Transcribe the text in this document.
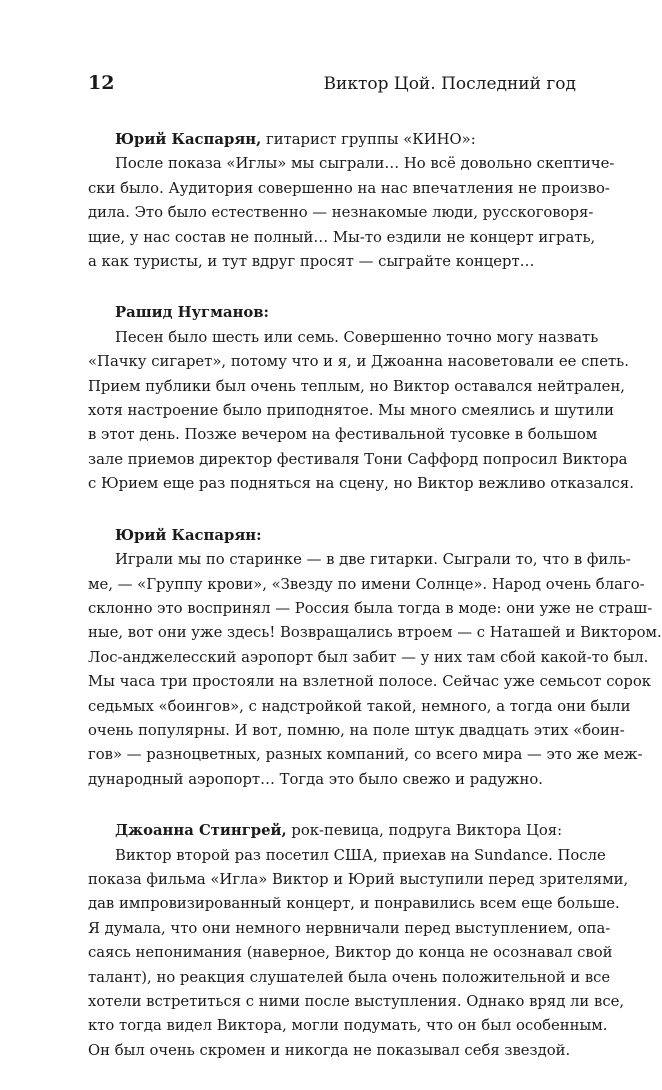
12	Виктор Цой. Последний год
Юрий Каспарян, гитарист группы «КИНО»:
После показа «Иглы» мы сыграли… Но всё довольно скептиче-
ски было. Аудитория совершенно на нас впечатления не произво-
дила. Это было естественно — незнакомые люди, русскоговоря-
щие, у нас состав не полный… Мы-то ездили не концерт играть,
а как туристы, и тут вдруг просят — сыграйте концерт…
Рашид Нугманов:
Песен было шесть или семь. Совершенно точно могу назвать
«Пачку сигарет», потому что и я, и Джоанна насоветовали ее спеть.
Прием публики был очень теплым, но Виктор оставался нейтрален,
хотя настроение было приподнятое. Мы много смеялись и шутили
в этот день. Позже вечером на фестивальной тусовке в большом
зале приемов директор фестиваля Тони Саффорд попросил Виктора
с Юрием еще раз подняться на сцену, но Виктор вежливо отказался.
Юрий Каспарян:
Играли мы по старинке — в две гитарки. Сыграли то, что в филь-
ме, — «Группу крови», «Звезду по имени Солнце». Народ очень благо-
склонно это воспринял — Россия была тогда в моде: они уже не страш-
ные, вот они уже здесь! Возвращались втроем — с Наташей и Виктором.
Лос-анджелесский аэропорт был забит — у них там сбой какой-то был.
Мы часа три простояли на взлетной полосе. Сейчас уже семьсот сорок
седьмых «боингов», с надстройкой такой, немного, а тогда они были
очень популярны. И вот, помню, на поле штук двадцать этих «боин-
гов» — разноцветных, разных компаний, со всего мира — это же меж-
дународный аэропорт… Тогда это было свежо и радужно.
Джоанна Стингрей, рок-певица, подруга Виктора Цоя:
Виктор второй раз посетил США, приехав на Sundance. После
показа фильма «Игла» Виктор и Юрий выступили перед зрителями,
дав импровизированный концерт, и понравились всем еще больше.
Я думала, что они немного нервничали перед выступлением, опа-
саясь непонимания (наверное, Виктор до конца не осознавал свой
талант), но реакция слушателей была очень положительной и все
хотели встретиться с ними после выступления. Однако вряд ли все,
кто тогда видел Виктора, могли подумать, что он был особенным.
Он был очень скромен и никогда не показывал себя звездой.
